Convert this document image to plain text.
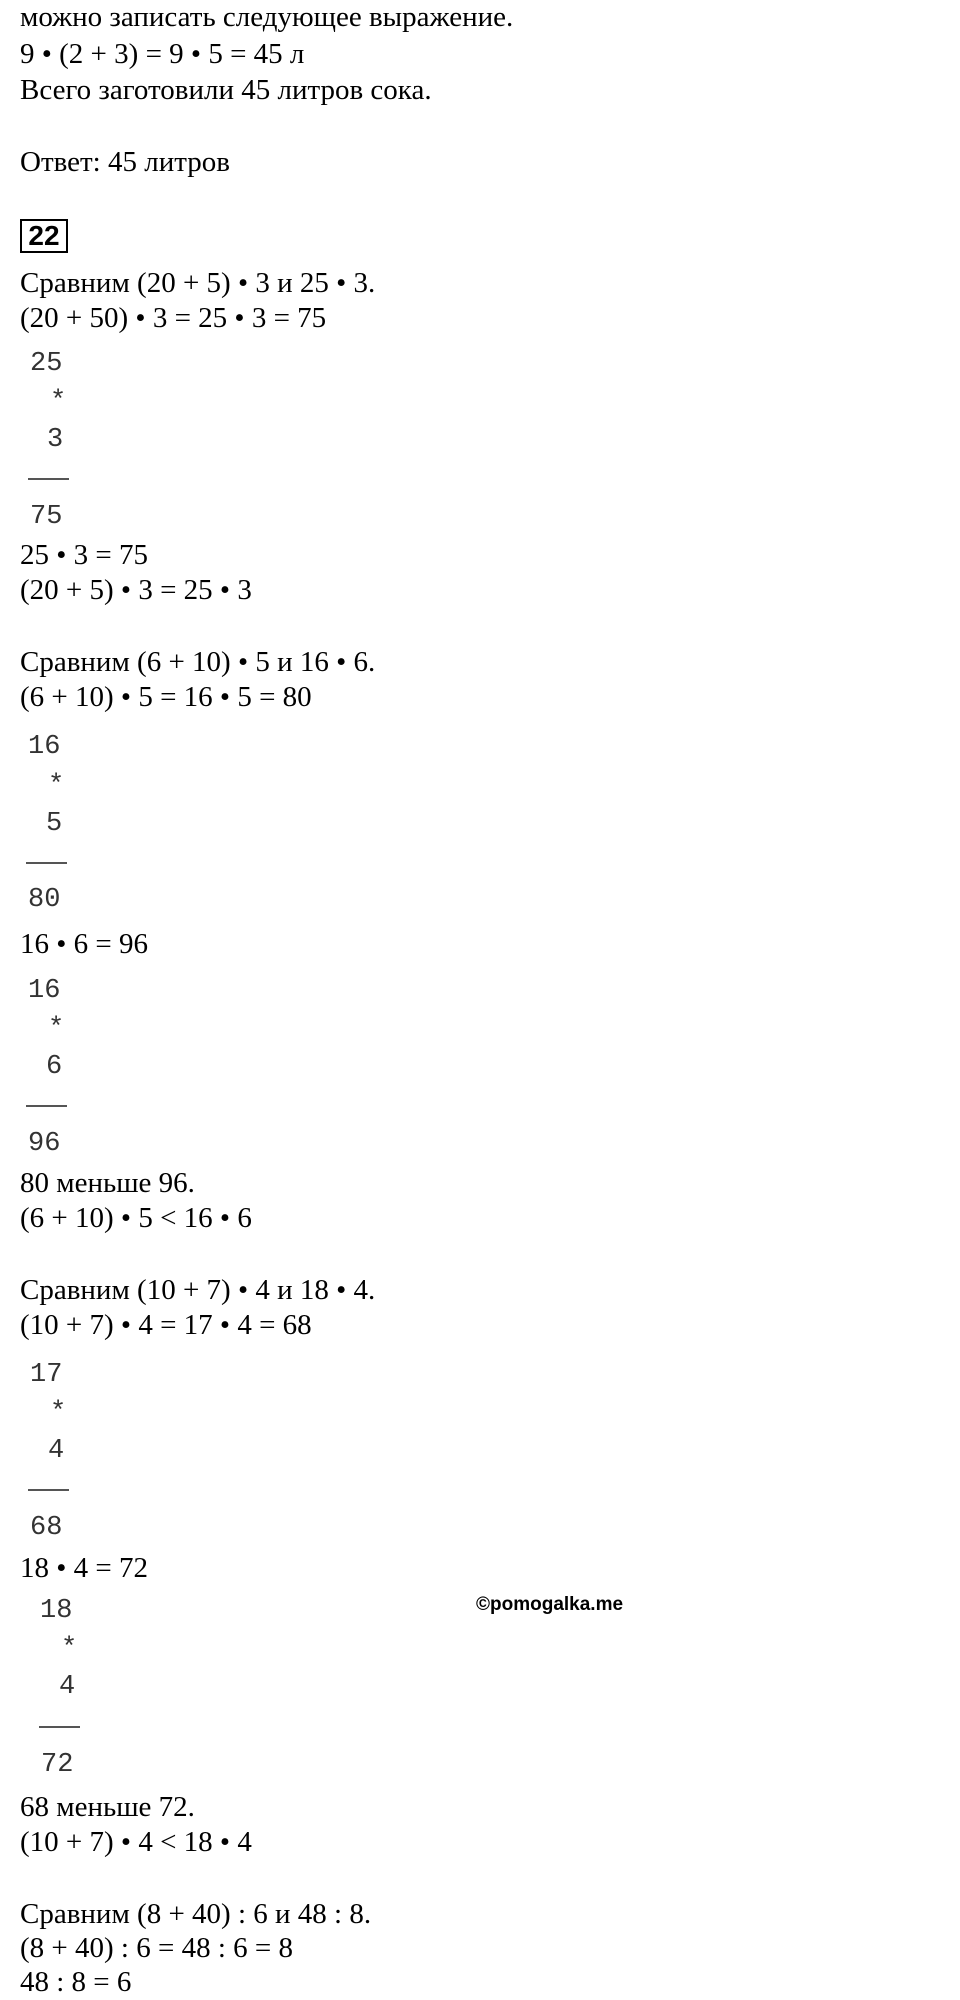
можно записать следующее выражение.
9 • (2 + 3) = 9 • 5 = 45 л
Всего заготовили 45 литров сока.
Ответ: 45 литров
22
Сравним (20 + 5) • 3 и 25 • 3.
(20 + 50) • 3 = 25 • 3 = 75
25
*
3
75
25 • 3 = 75
(20 + 5) • 3 = 25 • 3
Сравним (6 + 10) • 5 и 16 • 6.
(6 + 10) • 5 = 16 • 5 = 80
16
*
5
80
16 • 6 = 96
16
*
6
96
80 меньше 96.
(6 + 10) • 5 < 16 • 6
Сравним (10 + 7) • 4 и 18 • 4.
(10 + 7) • 4 = 17 • 4 = 68
17
*
4
68
18 • 4 = 72
18
*
4
72
68 меньше 72.
(10 + 7) • 4 < 18 • 4
Сравним (8 + 40) : 6 и 48 : 8.
(8 + 40) : 6 = 48 : 6 = 8
48 : 8 = 6
©pomogalka.me
